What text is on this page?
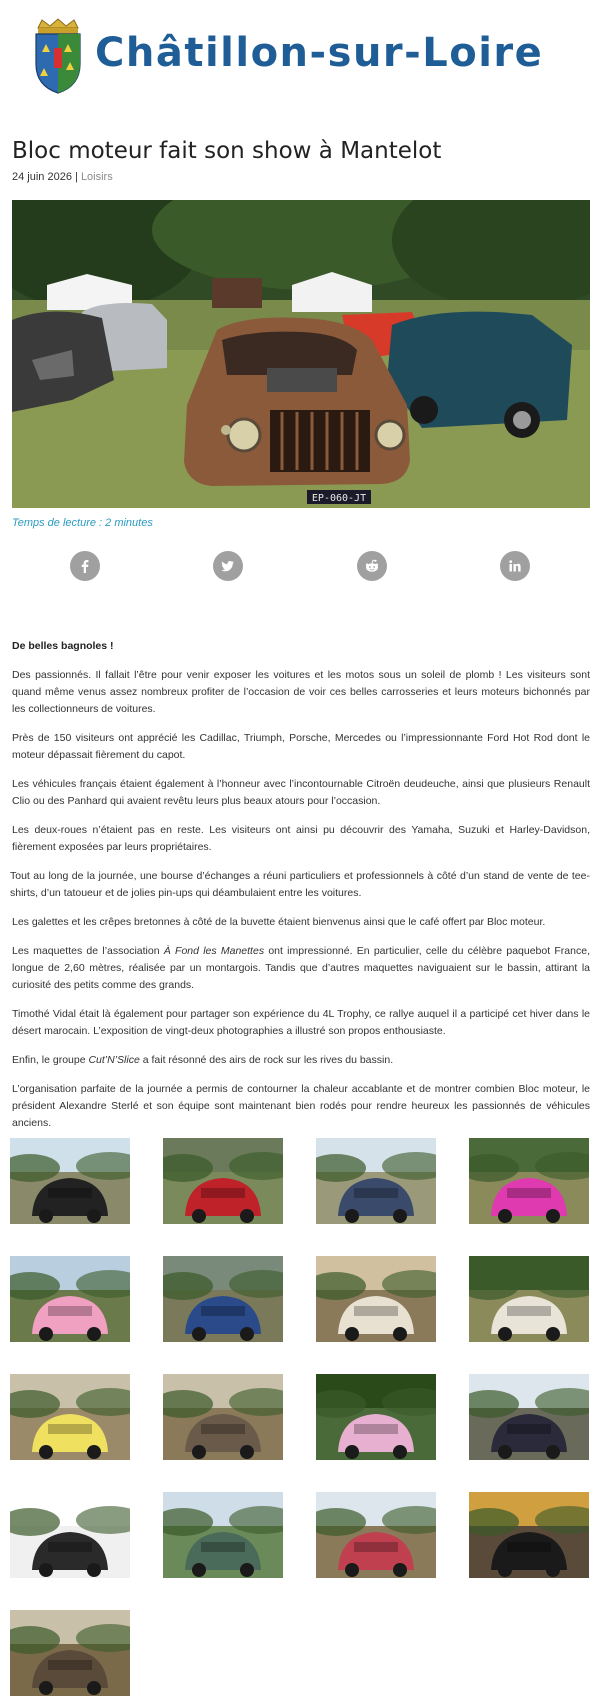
Châtillon-sur-Loire
Bloc moteur fait son show à Mantelot
24 juin 2026 | Loisirs
EP-060-JT
Temps de lecture : 2 minutes

De belles bagnoles !

Des passionnés. Il fallait l’être pour venir exposer les voitures et les motos sous un soleil de plomb ! Les visiteurs sont quand même venus assez nombreux profiter de l’occasion de voir ces belles carrosseries et leurs moteurs bichonnés par les collectionneurs de voitures.

Près de 150 visiteurs ont apprécié les Cadillac, Triumph, Porsche, Mercedes ou l’impressionnante Ford Hot Rod dont le moteur dépassait fièrement du capot.

Les véhicules français étaient également à l’honneur avec l’incontournable Citroën deudeuche, ainsi que plusieurs Renault Clio ou des Panhard qui avaient revêtu leurs plus beaux atours pour l’occasion.

Les deux-roues n’étaient pas en reste. Les visiteurs ont ainsi pu découvrir des Yamaha, Suzuki et Harley-Davidson, fièrement exposées par leurs propriétaires.

Tout au long de la journée, une bourse d’échanges a réuni particuliers et professionnels à côté d’un stand de vente de tee-shirts, d’un tatoueur et de jolies pin-ups qui déambulaient entre les voitures.

Les galettes et les crêpes bretonnes à côté de la buvette étaient bienvenus ainsi que le café offert par Bloc moteur.

Les maquettes de l’association À Fond les Manettes ont impressionné. En particulier, celle du célèbre paquebot France, longue de 2,60 mètres, réalisée par un montargois. Tandis que d’autres maquettes naviguaient sur le bassin, attirant la curiosité des petits comme des grands.

Timothé Vidal était là également pour partager son expérience du 4L Trophy, ce rallye auquel il a participé cet hiver dans le désert marocain. L’exposition de vingt-deux photographies a illustré son propos enthousiaste.

Enfin, le groupe Cut’N’Slice a fait résonné des airs de rock sur les rives du bassin.

L’organisation parfaite de la journée a permis de contourner la chaleur accablante et de montrer combien Bloc moteur, le président Alexandre Sterlé et son équipe sont maintenant bien rodés pour rendre heureux les passionnés de véhicules anciens.
